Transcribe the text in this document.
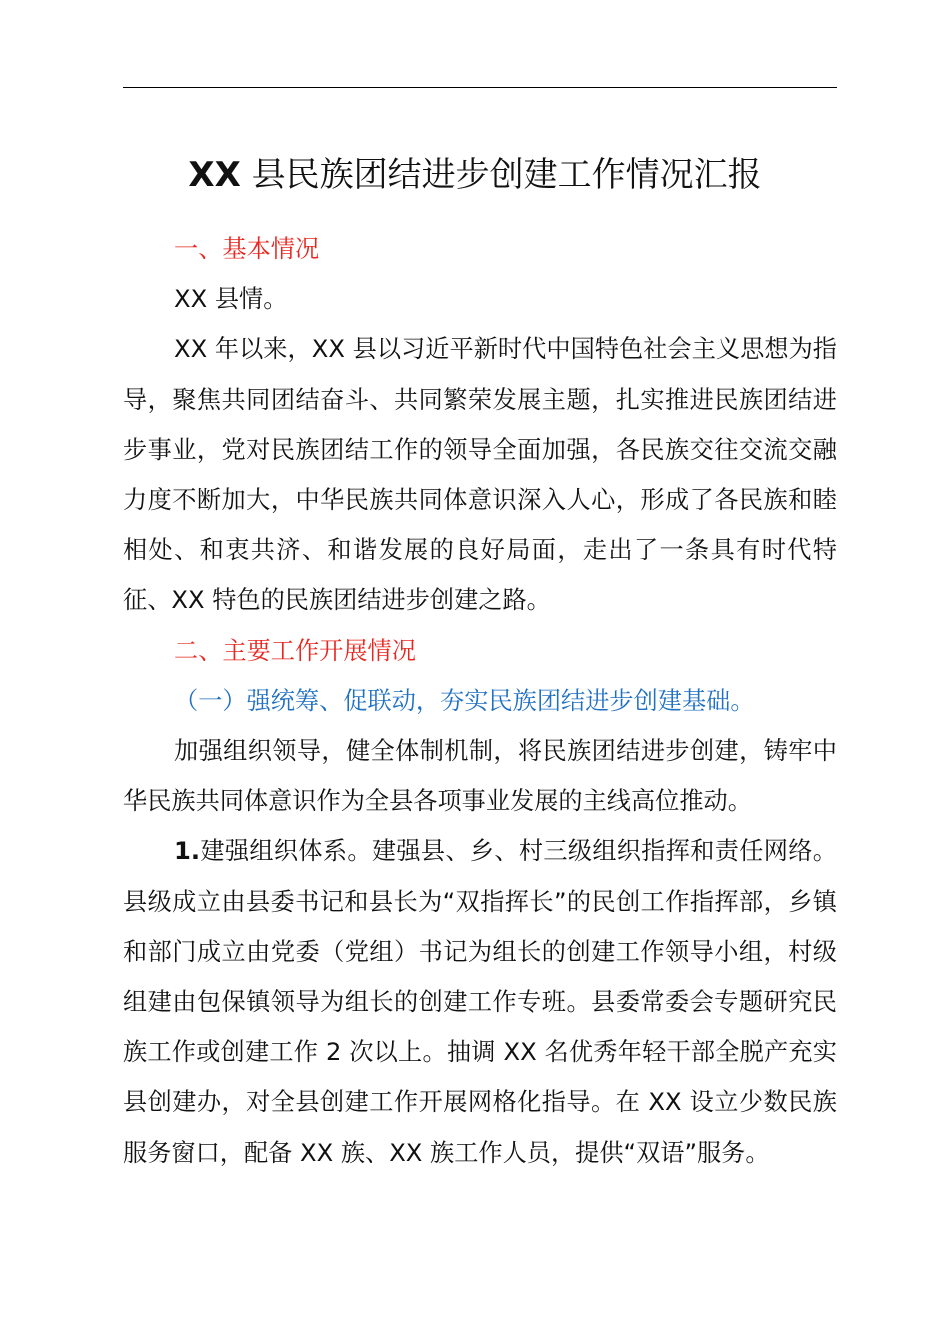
XX 县民族团结进步创建工作情况汇报

一、基本情况

XX 县情。

XX 年以来，XX 县以习近平新时代中国特色社会主义思想为指导，聚焦共同团结奋斗、共同繁荣发展主题，扎实推进民族团结进步事业，党对民族团结工作的领导全面加强，各民族交往交流交融力度不断加大，中华民族共同体意识深入人心，形成了各民族和睦相处、和衷共济、和谐发展的良好局面，走出了一条具有时代特征、XX 特色的民族团结进步创建之路。

二、主要工作开展情况

（一）强统筹、促联动，夯实民族团结进步创建基础。

加强组织领导，健全体制机制，将民族团结进步创建，铸牢中华民族共同体意识作为全县各项事业发展的主线高位推动。

1.建强组织体系。建强县、乡、村三级组织指挥和责任网络。县级成立由县委书记和县长为“双指挥长”的民创工作指挥部，乡镇和部门成立由党委（党组）书记为组长的创建工作领导小组，村级组建由包保镇领导为组长的创建工作专班。县委常委会专题研究民族工作或创建工作 2 次以上。抽调 XX 名优秀年轻干部全脱产充实县创建办，对全县创建工作开展网格化指导。在 XX 设立少数民族服务窗口，配备 XX 族、XX 族工作人员，提供“双语”服务。
